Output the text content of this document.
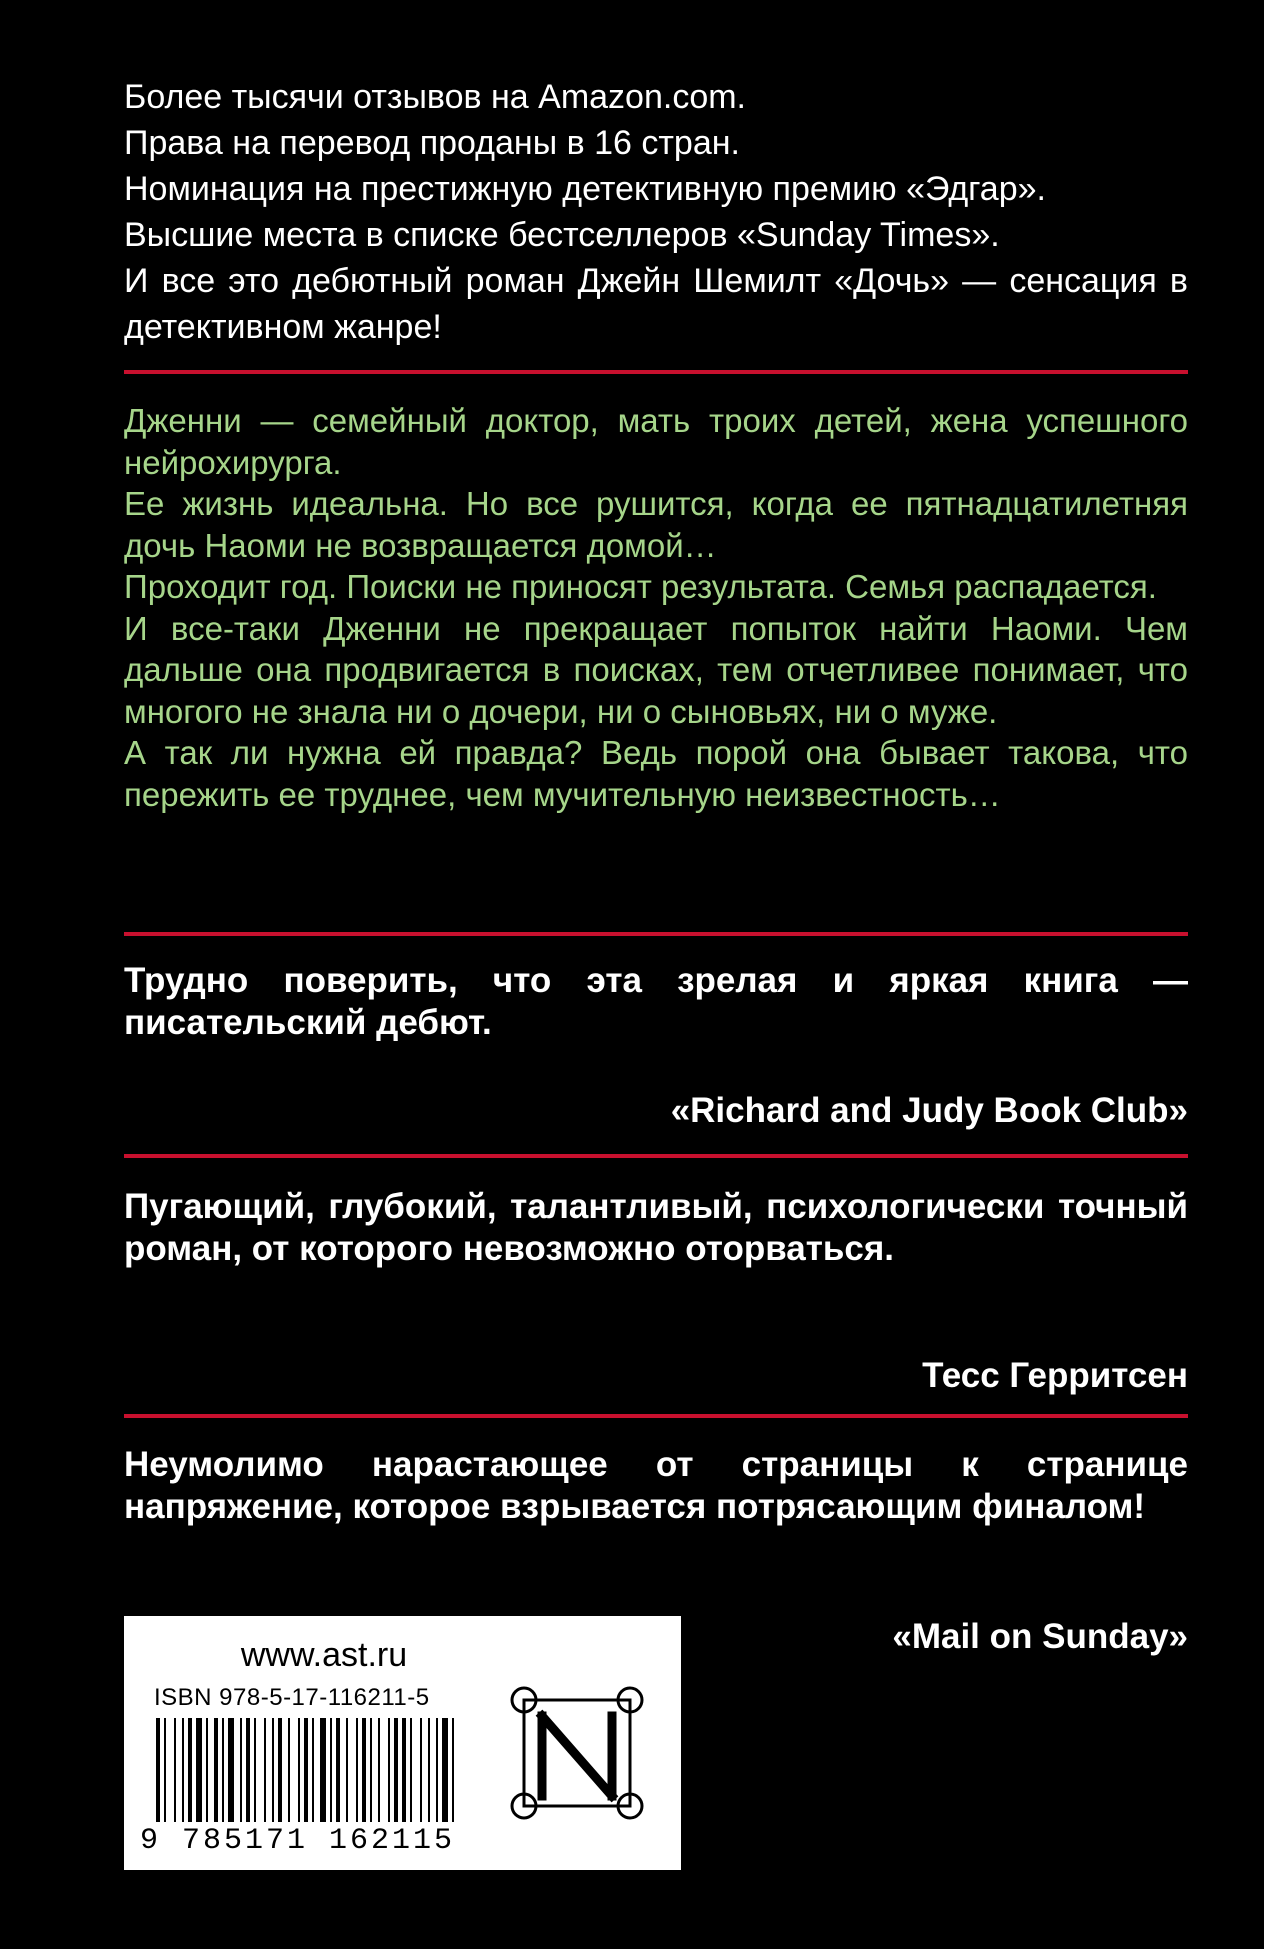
Более тысячи отзывов на Amazon.com.

Права на перевод проданы в 16 стран.

Номинация на престижную детективную премию «Эдгар».

Высшие места в списке бестселлеров «Sunday Times».

И все это дебютный роман Джейн Шемилт «Дочь» — сенсация в детективном жанре!

Дженни — семейный доктор, мать троих детей, жена успешного нейрохирурга.

Ее жизнь идеальна. Но все рушится, когда ее пятнадцатилетняя дочь Наоми не возвращается домой…

Проходит год. Поиски не приносят результата. Семья распадается.

И все-таки Дженни не прекращает попыток найти Наоми. Чем дальше она продвигается в поисках, тем отчетливее понимает, что многого не знала ни о дочери, ни о сыновьях, ни о муже.

А так ли нужна ей правда? Ведь порой она бывает такова, что пережить ее труднее, чем мучительную неизвестность…

Трудно поверить, что эта зрелая и яркая книга — писательский дебют.

«Richard and Judy Book Club»

Пугающий, глубокий, талантливый, психологически точный роман, от которого невозможно оторваться.

Тесс Герритсен

Неумолимо нарастающее от страницы к странице напряжение, которое взрывается потрясающим финалом!

«Mail on Sunday»
www.ast.ru
ISBN 978-5-17-116211-5
9 785171 162115
